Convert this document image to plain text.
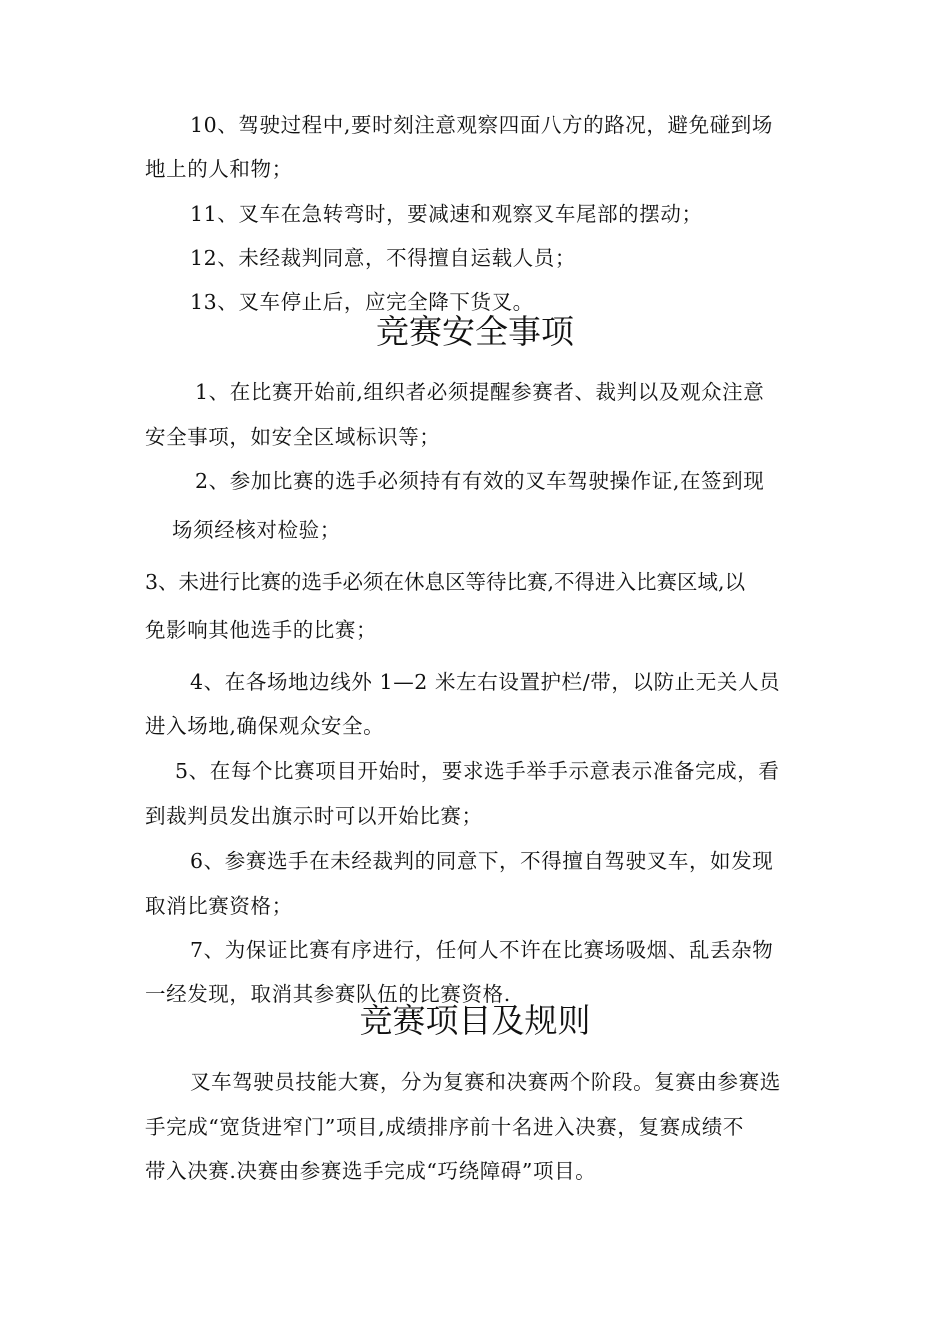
10、驾驶过程中,要时刻注意观察四面八方的路况，避免碰到场
地上的人和物；
11、叉车在急转弯时，要减速和观察叉车尾部的摆动；
12、未经裁判同意，不得擅自运载人员；
13、叉车停止后，应完全降下货叉。
竞赛安全事项
1、在比赛开始前,组织者必须提醒参赛者、裁判以及观众注意
安全事项，如安全区域标识等；
2、参加比赛的选手必须持有有效的叉车驾驶操作证,在签到现
场须经核对检验；
3、未进行比赛的选手必须在休息区等待比赛,不得进入比赛区域,以
免影响其他选手的比赛；
4、在各场地边线外 1—2 米左右设置护栏/带，以防止无关人员
进入场地,确保观众安全。
5、在每个比赛项目开始时，要求选手举手示意表示准备完成，看
到裁判员发出旗示时可以开始比赛；
6、参赛选手在未经裁判的同意下，不得擅自驾驶叉车，如发现
取消比赛资格；
7、为保证比赛有序进行，任何人不许在比赛场吸烟、乱丢杂物
一经发现，取消其参赛队伍的比赛资格.
竞赛项目及规则
叉车驾驶员技能大赛，分为复赛和决赛两个阶段。复赛由参赛选
手完成“宽货进窄门”项目,成绩排序前十名进入决赛，复赛成绩不
带入决赛.决赛由参赛选手完成“巧绕障碍”项目。
